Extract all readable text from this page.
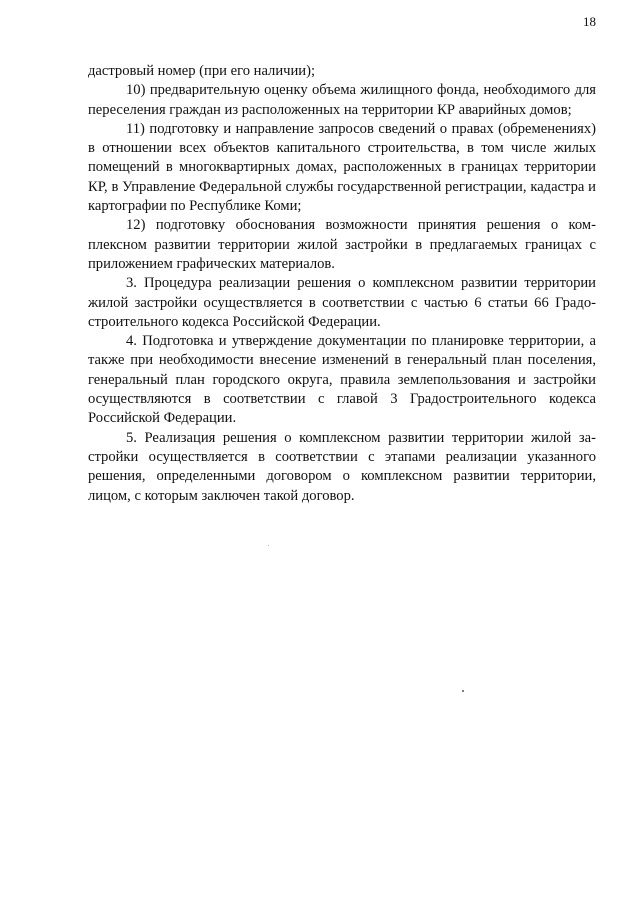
18

дастровый номер (при его наличии);

10) предварительную оценку объема жилищного фонда, необходимого для переселения граждан из расположенных на территории КР аварийных домов;

11) подготовку и направление запросов сведений о правах (обременениях) в отношении всех объектов капитального строительства, в том числе жилых помещений в многоквартирных домах, расположенных в границах территории КР, в Управление Федеральной службы государственной регистрации, кадастра и картографии по Республике Коми;

12) подготовку обоснования возможности принятия решения о комплексном развитии территории жилой застройки в предлагаемых границах с приложением графических материалов.

3. Процедура реализации решения о комплексном развитии территории жилой застройки осуществляется в соответствии с частью 6 статьи 66 Градостроительного кодекса Российской Федерации.

4. Подготовка и утверждение документации по планировке территории, а также при необходимости внесение изменений в генеральный план поселения, генеральный план городского округа, правила землепользования и застройки осуществляются в соответствии с главой 3 Градостроительного кодекса Российской Федерации.

5. Реализация решения о комплексном развитии территории жилой застройки осуществляется в соответствии с этапами реализации указанного решения, определенными договором о комплексном развитии территории, лицом, с которым заключен такой договор.
